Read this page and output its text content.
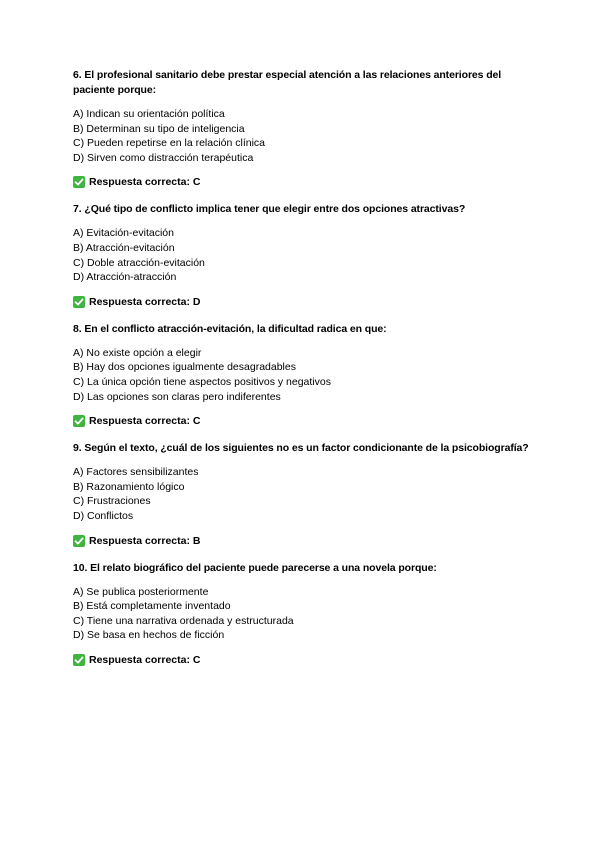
6. El profesional sanitario debe prestar especial atención a las relaciones anteriores del paciente porque:

A) Indican su orientación política

B) Determinan su tipo de inteligencia

C) Pueden repetirse en la relación clínica

D) Sirven como distracción terapéutica

Respuesta correcta: C

7. ¿Qué tipo de conflicto implica tener que elegir entre dos opciones atractivas?

A) Evitación-evitación

B) Atracción-evitación

C) Doble atracción-evitación

D) Atracción-atracción

Respuesta correcta: D

8. En el conflicto atracción-evitación, la dificultad radica en que:

A) No existe opción a elegir

B) Hay dos opciones igualmente desagradables

C) La única opción tiene aspectos positivos y negativos

D) Las opciones son claras pero indiferentes

Respuesta correcta: C

9. Según el texto, ¿cuál de los siguientes no es un factor condicionante de la psicobiografía?

A) Factores sensibilizantes

B) Razonamiento lógico

C) Frustraciones

D) Conflictos

Respuesta correcta: B

10. El relato biográfico del paciente puede parecerse a una novela porque:

A) Se publica posteriormente

B) Está completamente inventado

C) Tiene una narrativa ordenada y estructurada

D) Se basa en hechos de ficción

Respuesta correcta: C
